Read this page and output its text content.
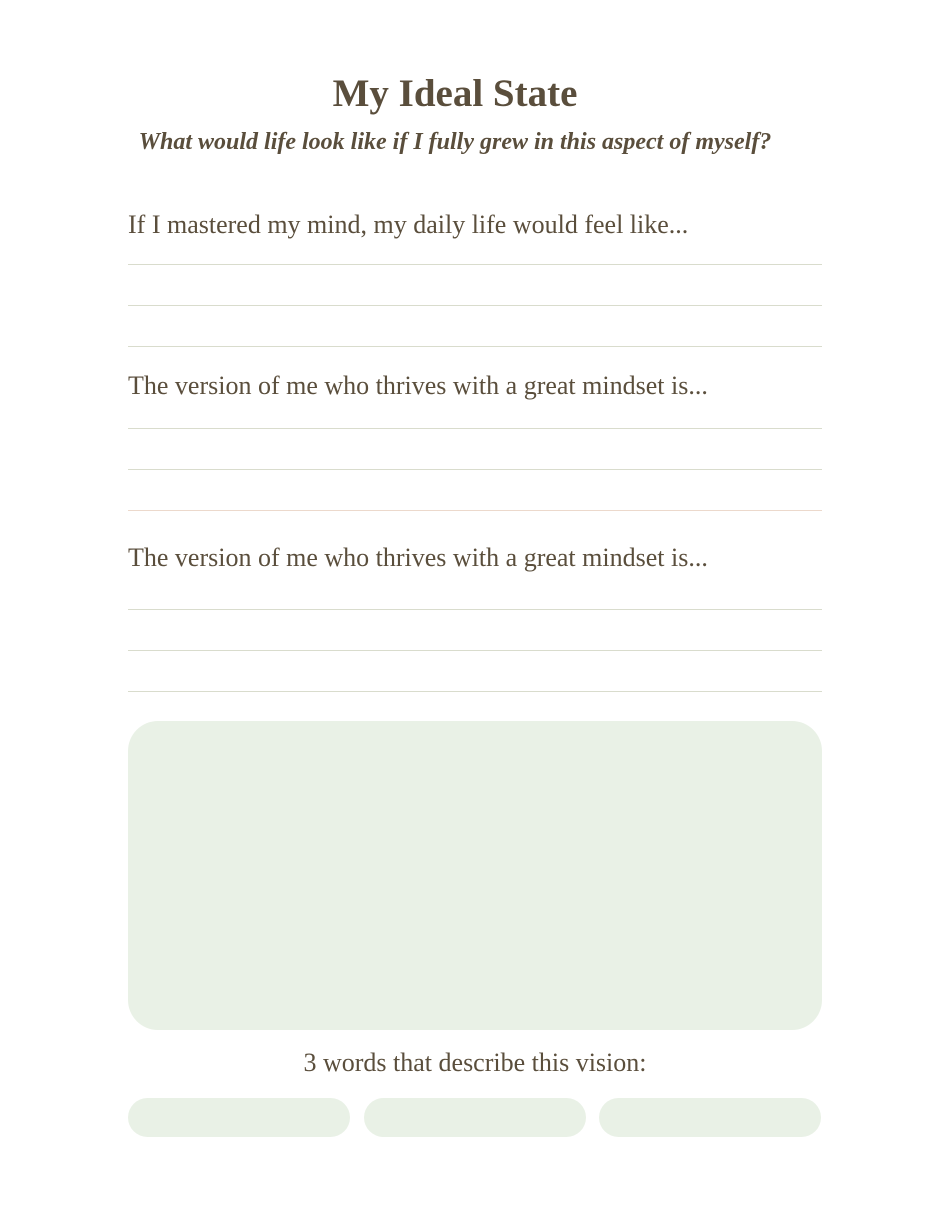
My Ideal State

What would life look like if I fully grew in this aspect of myself?

If I mastered my mind, my daily life would feel like...

The version of me who thrives with a great mindset is...

The version of me who thrives with a great mindset is...

3 words that describe this vision:
